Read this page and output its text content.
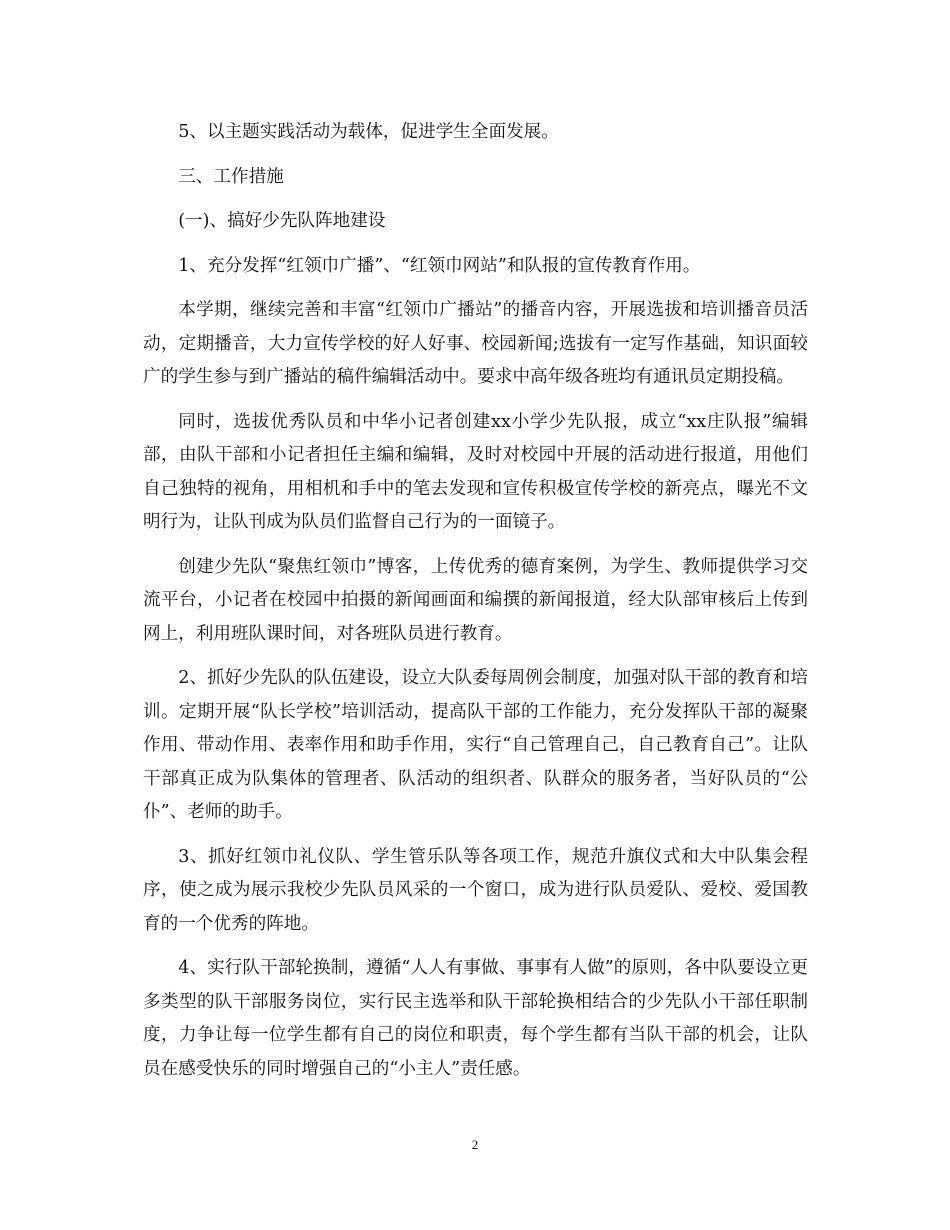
5、以主题实践活动为载体，促进学生全面发展。

三、工作措施

(一)、搞好少先队阵地建设

1、充分发挥“红领巾广播”、“红领巾网站”和队报的宣传教育作用。

本学期，继续完善和丰富“红领巾广播站”的播音内容，开展选拔和培训播音员活动，定期播音，大力宣传学校的好人好事、校园新闻;选拔有一定写作基础，知识面较广的学生参与到广播站的稿件编辑活动中。要求中高年级各班均有通讯员定期投稿。

同时，选拔优秀队员和中华小记者创建xx小学少先队报，成立“xx庄队报”编辑部，由队干部和小记者担任主编和编辑，及时对校园中开展的活动进行报道，用他们自己独特的视角，用相机和手中的笔去发现和宣传积极宣传学校的新亮点，曝光不文明行为，让队刊成为队员们监督自己行为的一面镜子。

创建少先队“聚焦红领巾”博客，上传优秀的德育案例，为学生、教师提供学习交流平台，小记者在校园中拍摄的新闻画面和编撰的新闻报道，经大队部审核后上传到网上，利用班队课时间，对各班队员进行教育。

2、抓好少先队的队伍建设，设立大队委每周例会制度，加强对队干部的教育和培训。定期开展“队长学校”培训活动，提高队干部的工作能力，充分发挥队干部的凝聚作用、带动作用、表率作用和助手作用，实行“自己管理自己，自己教育自己”。让队干部真正成为队集体的管理者、队活动的组织者、队群众的服务者，当好队员的“公仆”、老师的助手。

3、抓好红领巾礼仪队、学生管乐队等各项工作，规范升旗仪式和大中队集会程序，使之成为展示我校少先队员风采的一个窗口，成为进行队员爱队、爱校、爱国教育的一个优秀的阵地。

4、实行队干部轮换制，遵循“人人有事做、事事有人做”的原则，各中队要设立更多类型的队干部服务岗位，实行民主选举和队干部轮换相结合的少先队小干部任职制度，力争让每一位学生都有自己的岗位和职责，每个学生都有当队干部的机会，让队员在感受快乐的同时增强自己的“小主人”责任感。

2
